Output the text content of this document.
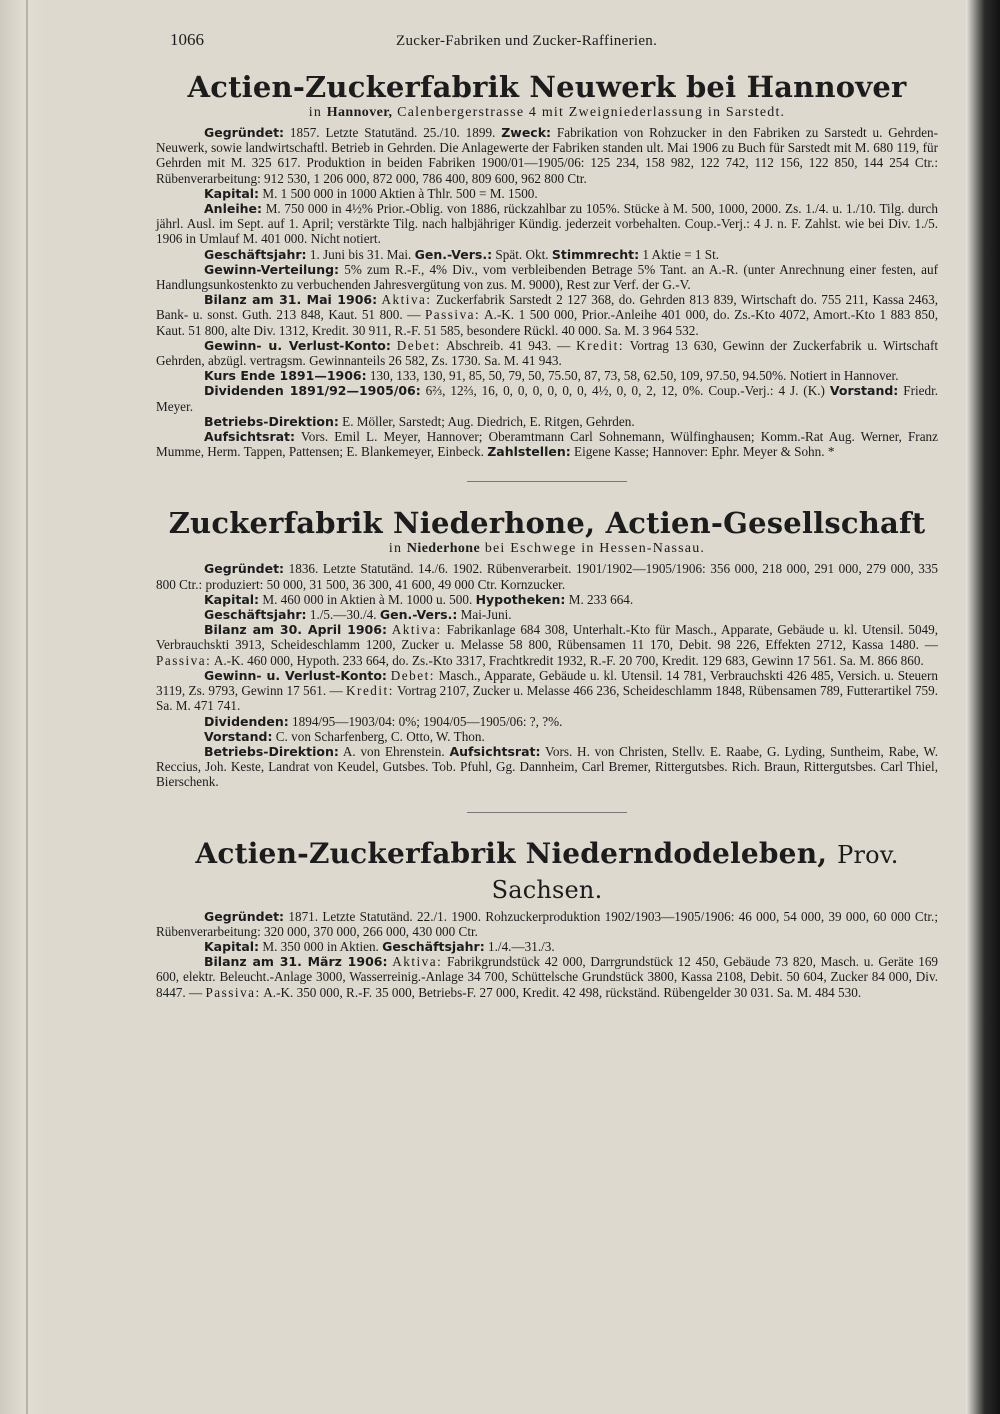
1066	Zucker-Fabriken und Zucker-Raffinerien.
Actien-Zuckerfabrik Neuwerk bei Hannover
in Hannover, Calenbergerstrasse 4 mit Zweigniederlassung in Sarstedt.

Gegründet: 1857. Letzte Statutänd. 25./10. 1899. Zweck: Fabrikation von Rohzucker in den Fabriken zu Sarstedt u. Gehrden-Neuwerk, sowie landwirtschaftl. Betrieb in Gehrden. Die Anlagewerte der Fabriken standen ult. Mai 1906 zu Buch für Sarstedt mit M. 680 119, für Gehrden mit M. 325 617. Produktion in beiden Fabriken 1900/01—1905/06: 125 234, 158 982, 122 742, 112 156, 122 850, 144 254 Ctr.: Rübenverarbeitung: 912 530, 1 206 000, 872 000, 786 400, 809 600, 962 800 Ctr.

Kapital: M. 1 500 000 in 1000 Aktien à Thlr. 500 = M. 1500.

Anleihe: M. 750 000 in 4½% Prior.-Oblig. von 1886, rückzahlbar zu 105%. Stücke à M. 500, 1000, 2000. Zs. 1./4. u. 1./10. Tilg. durch jährl. Ausl. im Sept. auf 1. April; verstärkte Tilg. nach halbjähriger Kündig. jederzeit vorbehalten. Coup.-Verj.: 4 J. n. F. Zahlst. wie bei Div. 1./5. 1906 in Umlauf M. 401 000. Nicht notiert.

Geschäftsjahr: 1. Juni bis 31. Mai. Gen.-Vers.: Spät. Okt. Stimmrecht: 1 Aktie = 1 St.

Gewinn-Verteilung: 5% zum R.-F., 4% Div., vom verbleibenden Betrage 5% Tant. an A.-R. (unter Anrechnung einer festen, auf Handlungsunkostenkto zu verbuchenden Jahresvergütung von zus. M. 9000), Rest zur Verf. der G.-V.

Bilanz am 31. Mai 1906: Aktiva: Zuckerfabrik Sarstedt 2 127 368, do. Gehrden 813 839, Wirtschaft do. 755 211, Kassa 2463, Bank- u. sonst. Guth. 213 848, Kaut. 51 800. — Passiva: A.-K. 1 500 000, Prior.-Anleihe 401 000, do. Zs.-Kto 4072, Amort.-Kto 1 883 850, Kaut. 51 800, alte Div. 1312, Kredit. 30 911, R.-F. 51 585, besondere Rückl. 40 000. Sa. M. 3 964 532.

Gewinn- u. Verlust-Konto: Debet: Abschreib. 41 943. — Kredit: Vortrag 13 630, Gewinn der Zuckerfabrik u. Wirtschaft Gehrden, abzügl. vertragsm. Gewinnanteils 26 582, Zs. 1730. Sa. M. 41 943.

Kurs Ende 1891—1906: 130, 133, 130, 91, 85, 50, 79, 50, 75.50, 87, 73, 58, 62.50, 109, 97.50, 94.50%. Notiert in Hannover.

Dividenden 1891/92—1905/06: 6⅔, 12⅔, 16, 0, 0, 0, 0, 0, 0, 4½, 0, 0, 2, 12, 0%. Coup.-Verj.: 4 J. (K.) Vorstand: Friedr. Meyer.

Betriebs-Direktion: E. Möller, Sarstedt; Aug. Diedrich, E. Ritgen, Gehrden.

Aufsichtsrat: Vors. Emil L. Meyer, Hannover; Oberamtmann Carl Sohnemann, Wülfinghausen; Komm.-Rat Aug. Werner, Franz Mumme, Herm. Tappen, Pattensen; E. Blankemeyer, Einbeck. Zahlstellen: Eigene Kasse; Hannover: Ephr. Meyer & Sohn. *

Zuckerfabrik Niederhone, Actien-Gesellschaft
in Niederhone bei Eschwege in Hessen-Nassau.

Gegründet: 1836. Letzte Statutänd. 14./6. 1902. Rübenverarbeit. 1901/1902—1905/1906: 356 000, 218 000, 291 000, 279 000, 335 800 Ctr.: produziert: 50 000, 31 500, 36 300, 41 600, 49 000 Ctr. Kornzucker.

Kapital: M. 460 000 in Aktien à M. 1000 u. 500. Hypotheken: M. 233 664.

Geschäftsjahr: 1./5.—30./4. Gen.-Vers.: Mai-Juni.

Bilanz am 30. April 1906: Aktiva: Fabrikanlage 684 308, Unterhalt.-Kto für Masch., Apparate, Gebäude u. kl. Utensil. 5049, Verbrauchskti 3913, Scheideschlamm 1200, Zucker u. Melasse 58 800, Rübensamen 11 170, Debit. 98 226, Effekten 2712, Kassa 1480. — Passiva: A.-K. 460 000, Hypoth. 233 664, do. Zs.-Kto 3317, Frachtkredit 1932, R.-F. 20 700, Kredit. 129 683, Gewinn 17 561. Sa. M. 866 860.

Gewinn- u. Verlust-Konto: Debet: Masch., Apparate, Gebäude u. kl. Utensil. 14 781, Verbrauchskti 426 485, Versich. u. Steuern 3119, Zs. 9793, Gewinn 17 561. — Kredit: Vortrag 2107, Zucker u. Melasse 466 236, Scheideschlamm 1848, Rübensamen 789, Futterartikel 759. Sa. M. 471 741.

Dividenden: 1894/95—1903/04: 0%; 1904/05—1905/06: ?, ?%.

Vorstand: C. von Scharfenberg, C. Otto, W. Thon.

Betriebs-Direktion: A. von Ehrenstein. Aufsichtsrat: Vors. H. von Christen, Stellv. E. Raabe, G. Lyding, Suntheim, Rabe, W. Reccius, Joh. Keste, Landrat von Keudel, Gutsbes. Tob. Pfuhl, Gg. Dannheim, Carl Bremer, Rittergutsbes. Rich. Braun, Rittergutsbes. Carl Thiel, Bierschenk.

Actien-Zuckerfabrik Niederndodeleben, Prov. Sachsen.

Gegründet: 1871. Letzte Statutänd. 22./1. 1900. Rohzuckerproduktion 1902/1903—1905/1906: 46 000, 54 000, 39 000, 60 000 Ctr.; Rübenverarbeitung: 320 000, 370 000, 266 000, 430 000 Ctr.

Kapital: M. 350 000 in Aktien. Geschäftsjahr: 1./4.—31./3.

Bilanz am 31. März 1906: Aktiva: Fabrikgrundstück 42 000, Darrgrundstück 12 450, Gebäude 73 820, Masch. u. Geräte 169 600, elektr. Beleucht.-Anlage 3000, Wasserreinig.-Anlage 34 700, Schüttelsche Grundstück 3800, Kassa 2108, Debit. 50 604, Zucker 84 000, Div. 8447. — Passiva: A.-K. 350 000, R.-F. 35 000, Betriebs-F. 27 000, Kredit. 42 498, rückständ. Rübengelder 30 031. Sa. M. 484 530.
